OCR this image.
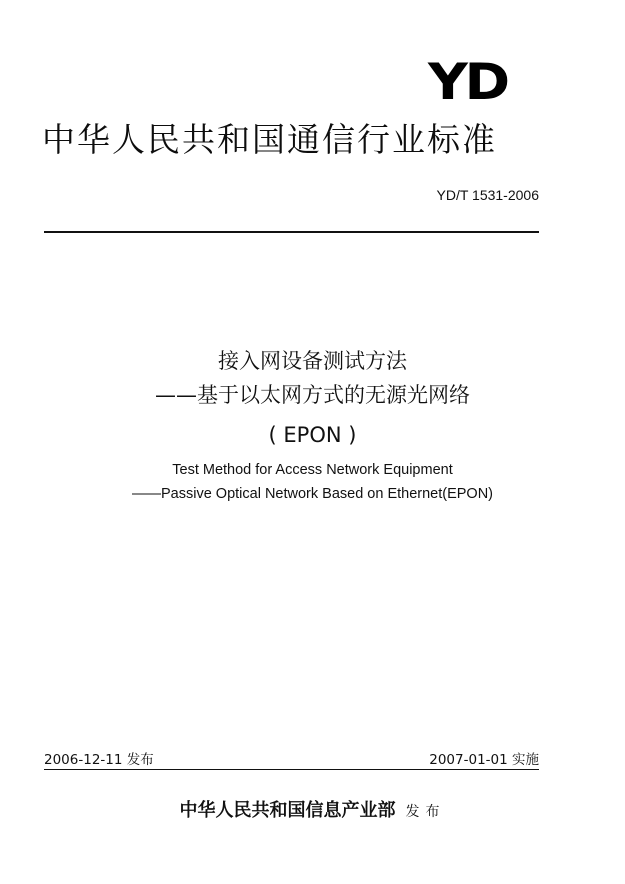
YD
中华人民共和国通信行业标准
YD/T 1531-2006
接入网设备测试方法
——基于以太网方式的无源光网络
( EPON )
Test Method for Access Network Equipment
——Passive Optical Network Based on Ethernet(EPON)
2006-12-11 发布	2007-01-01 实施
中华人民共和国信息产业部 发布
